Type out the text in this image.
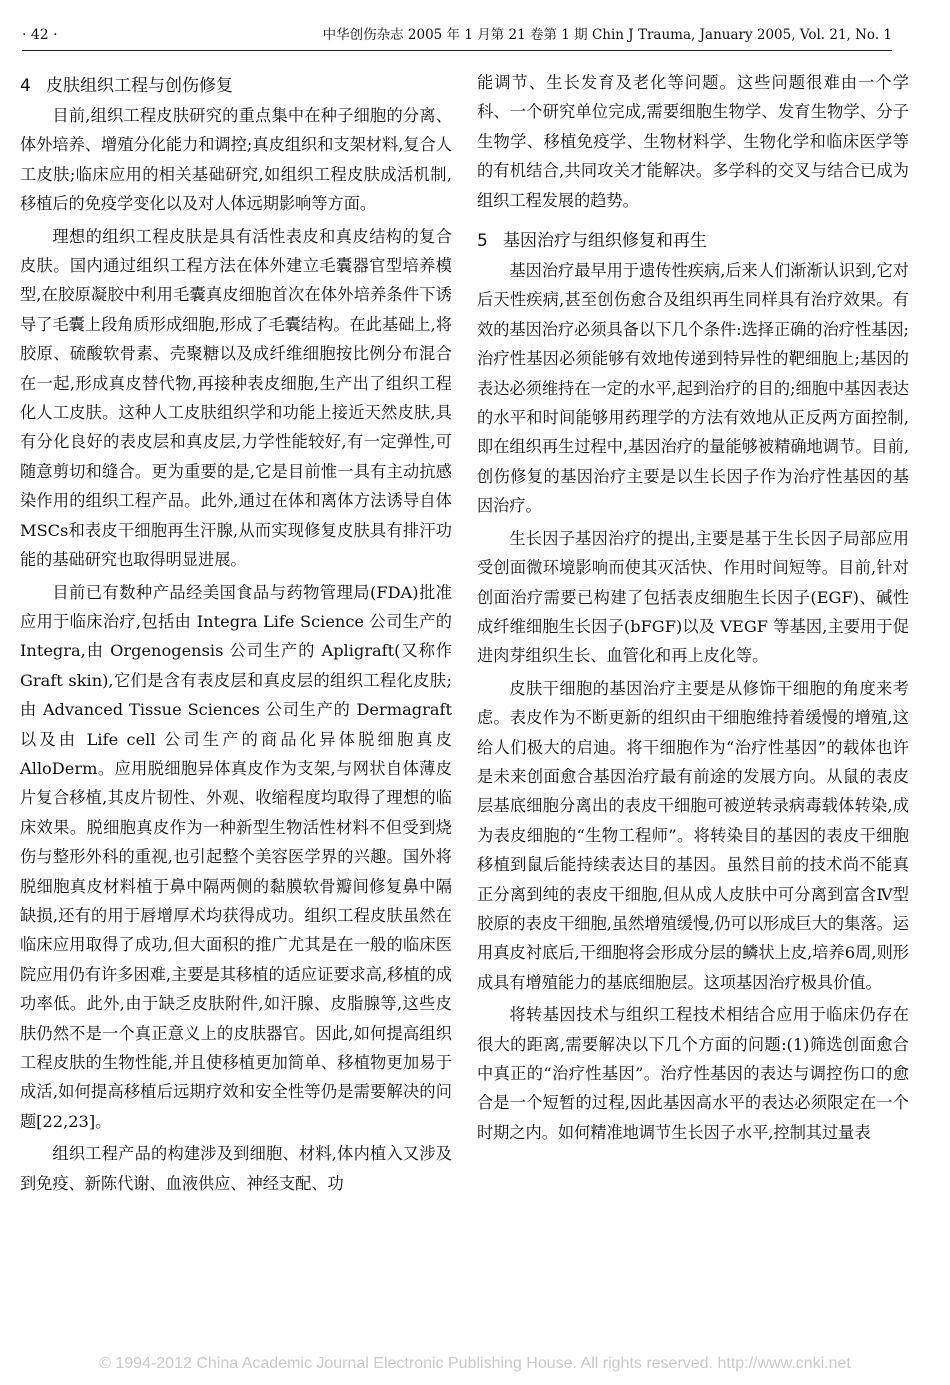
· 42 ·	中华创伤杂志 2005 年 1 月第 21 卷第 1 期 Chin J Trauma, January 2005, Vol. 21, No. 1
4 皮肤组织工程与创伤修复

目前,组织工程皮肤研究的重点集中在种子细胞的分离、体外培养、增殖分化能力和调控;真皮组织和支架材料,复合人工皮肤;临床应用的相关基础研究,如组织工程皮肤成活机制,移植后的免疫学变化以及对人体远期影响等方面。

理想的组织工程皮肤是具有活性表皮和真皮结构的复合皮肤。国内通过组织工程方法在体外建立毛囊器官型培养模型,在胶原凝胶中利用毛囊真皮细胞首次在体外培养条件下诱导了毛囊上段角质形成细胞,形成了毛囊结构。在此基础上,将胶原、硫酸软骨素、壳聚糖以及成纤维细胞按比例分布混合在一起,形成真皮替代物,再接种表皮细胞,生产出了组织工程化人工皮肤。这种人工皮肤组织学和功能上接近天然皮肤,具有分化良好的表皮层和真皮层,力学性能较好,有一定弹性,可随意剪切和缝合。更为重要的是,它是目前惟一具有主动抗感染作用的组织工程产品。此外,通过在体和离体方法诱导自体MSCs和表皮干细胞再生汗腺,从而实现修复皮肤具有排汗功能的基础研究也取得明显进展。

目前已有数种产品经美国食品与药物管理局(FDA)批准应用于临床治疗,包括由 Integra Life Science 公司生产的 Integra,由 Orgenogensis 公司生产的 Apligraft(又称作 Graft skin),它们是含有表皮层和真皮层的组织工程化皮肤;由 Advanced Tissue Sciences 公司生产的 Dermagraft 以及由 Life cell 公司生产的商品化异体脱细胞真皮 AlloDerm。应用脱细胞异体真皮作为支架,与网状自体薄皮片复合移植,其皮片韧性、外观、收缩程度均取得了理想的临床效果。脱细胞真皮作为一种新型生物活性材料不但受到烧伤与整形外科的重视,也引起整个美容医学界的兴趣。国外将脱细胞真皮材料植于鼻中隔两侧的黏膜软骨瓣间修复鼻中隔缺损,还有的用于唇增厚术均获得成功。组织工程皮肤虽然在临床应用取得了成功,但大面积的推广尤其是在一般的临床医院应用仍有许多困难,主要是其移植的适应证要求高,移植的成功率低。此外,由于缺乏皮肤附件,如汗腺、皮脂腺等,这些皮肤仍然不是一个真正意义上的皮肤器官。因此,如何提高组织工程皮肤的生物性能,并且使移植更加简单、移植物更加易于成活,如何提高移植后远期疗效和安全性等仍是需要解决的问题[22,23]。

组织工程产品的构建涉及到细胞、材料,体内植入又涉及到免疫、新陈代谢、血液供应、神经支配、功

能调节、生长发育及老化等问题。这些问题很难由一个学科、一个研究单位完成,需要细胞生物学、发育生物学、分子生物学、移植免疫学、生物材料学、生物化学和临床医学等的有机结合,共同攻关才能解决。多学科的交叉与结合已成为组织工程发展的趋势。

5 基因治疗与组织修复和再生

基因治疗最早用于遗传性疾病,后来人们渐渐认识到,它对后天性疾病,甚至创伤愈合及组织再生同样具有治疗效果。有效的基因治疗必须具备以下几个条件:选择正确的治疗性基因;治疗性基因必须能够有效地传递到特异性的靶细胞上;基因的表达必须维持在一定的水平,起到治疗的目的;细胞中基因表达的水平和时间能够用药理学的方法有效地从正反两方面控制,即在组织再生过程中,基因治疗的量能够被精确地调节。目前,创伤修复的基因治疗主要是以生长因子作为治疗性基因的基因治疗。

生长因子基因治疗的提出,主要是基于生长因子局部应用受创面微环境影响而使其灭活快、作用时间短等。目前,针对创面治疗需要已构建了包括表皮细胞生长因子(EGF)、碱性成纤维细胞生长因子(bFGF)以及 VEGF 等基因,主要用于促进肉芽组织生长、血管化和再上皮化等。

皮肤干细胞的基因治疗主要是从修饰干细胞的角度来考虑。表皮作为不断更新的组织由干细胞维持着缓慢的增殖,这给人们极大的启迪。将干细胞作为“治疗性基因”的载体也许是未来创面愈合基因治疗最有前途的发展方向。从鼠的表皮层基底细胞分离出的表皮干细胞可被逆转录病毒载体转染,成为表皮细胞的“生物工程师”。将转染目的基因的表皮干细胞移植到鼠后能持续表达目的基因。虽然目前的技术尚不能真正分离到纯的表皮干细胞,但从成人皮肤中可分离到富含Ⅳ型胶原的表皮干细胞,虽然增殖缓慢,仍可以形成巨大的集落。运用真皮衬底后,干细胞将会形成分层的鳞状上皮,培养6周,则形成具有增殖能力的基底细胞层。这项基因治疗极具价值。

将转基因技术与组织工程技术相结合应用于临床仍存在很大的距离,需要解决以下几个方面的问题:(1)筛选创面愈合中真正的“治疗性基因”。治疗性基因的表达与调控伤口的愈合是一个短暂的过程,因此基因高水平的表达必须限定在一个时期之内。如何精准地调节生长因子水平,控制其过量表

© 1994-2012 China Academic Journal Electronic Publishing House. All rights reserved. http://www.cnki.net
